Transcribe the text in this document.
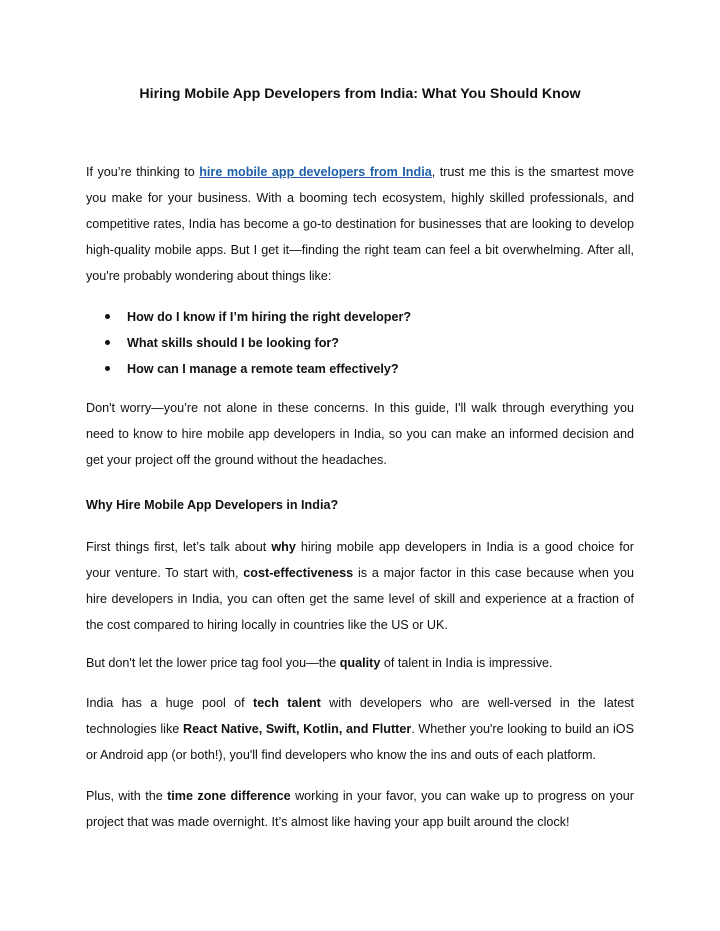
Hiring Mobile App Developers from India: What You Should Know

If you’re thinking to hire mobile app developers from India, trust me this is the smartest move you make for your business. With a booming tech ecosystem, highly skilled professionals, and competitive rates, India has become a go-to destination for businesses that are looking to develop high-quality mobile apps. But I get it—finding the right team can feel a bit overwhelming. After all, you're probably wondering about things like:

How do I know if I’m hiring the right developer?
What skills should I be looking for?
How can I manage a remote team effectively?

Don't worry—you’re not alone in these concerns. In this guide, I'll walk through everything you need to know to hire mobile app developers in India, so you can make an informed decision and get your project off the ground without the headaches.

Why Hire Mobile App Developers in India?

First things first, let’s talk about why hiring mobile app developers in India is a good choice for your venture. To start with, cost-effectiveness is a major factor in this case because when you hire developers in India, you can often get the same level of skill and experience at a fraction of the cost compared to hiring locally in countries like the US or UK.

But don't let the lower price tag fool you—the quality of talent in India is impressive.

India has a huge pool of tech talent with developers who are well-versed in the latest technologies like React Native, Swift, Kotlin, and Flutter. Whether you're looking to build an iOS or Android app (or both!), you'll find developers who know the ins and outs of each platform.

Plus, with the time zone difference working in your favor, you can wake up to progress on your project that was made overnight. It’s almost like having your app built around the clock!
